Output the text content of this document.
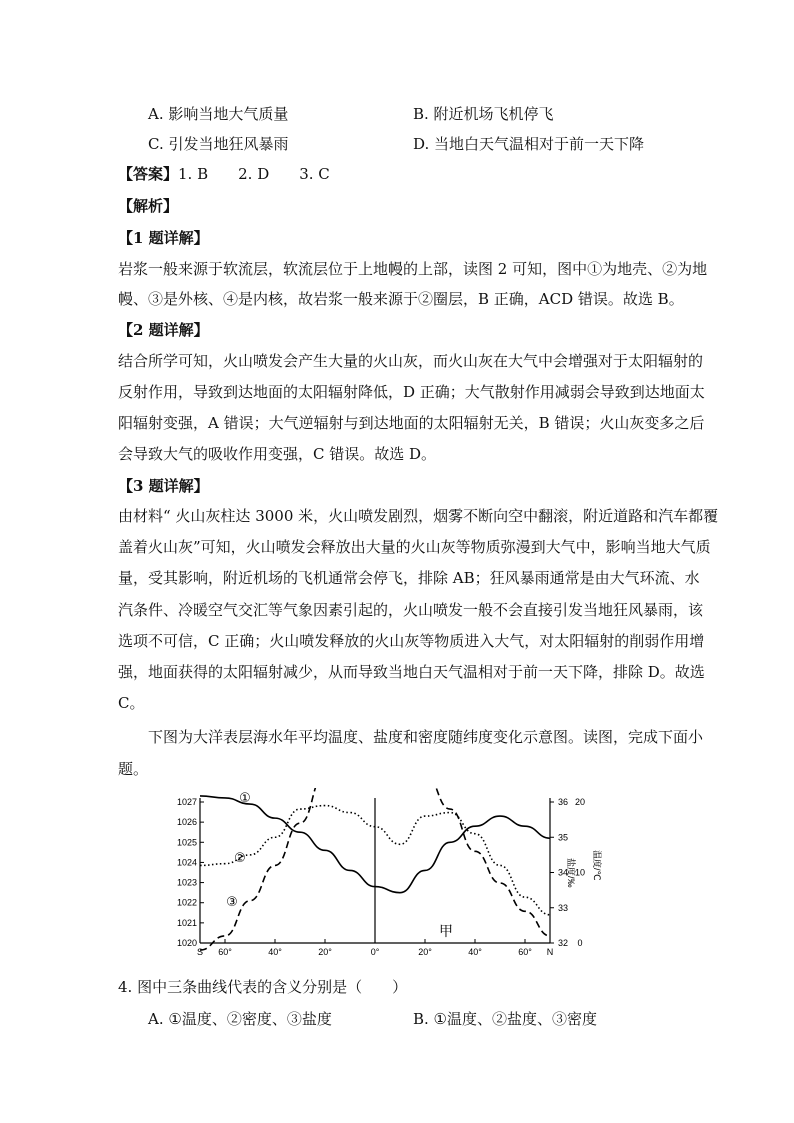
A. 影响当地大气质量	B. 附近机场飞机停飞
C. 引发当地狂风暴雨	D. 当地白天气温相对于前一天下降
【答案】1. B　　2. D　　3. C
【解析】
【1 题详解】
岩浆一般来源于软流层，软流层位于上地幔的上部，读图 2 可知，图中①为地壳、②为地
幔、③是外核、④是内核，故岩浆一般来源于②圈层，B 正确，ACD 错误。故选 B。
【2 题详解】
结合所学可知，火山喷发会产生大量的火山灰，而火山灰在大气中会增强对于太阳辐射的
反射作用，导致到达地面的太阳辐射降低，D 正确；大气散射作用减弱会导致到达地面太
阳辐射变强，A 错误；大气逆辐射与到达地面的太阳辐射无关，B 错误；火山灰变多之后
会导致大气的吸收作用变强，C 错误。故选 D。
【3 题详解】
由材料“ 火山灰柱达 3000 米，火山喷发剧烈，烟雾不断向空中翻滚，附近道路和汽车都覆
盖着火山灰”可知，火山喷发会释放出大量的火山灰等物质弥漫到大气中，影响当地大气质
量，受其影响，附近机场的飞机通常会停飞，排除 AB；狂风暴雨通常是由大气环流、水
汽条件、冷暖空气交汇等气象因素引起的，火山喷发一般不会直接引发当地狂风暴雨，该
选项不可信，C 正确；火山喷发释放的火山灰等物质进入大气，对太阳辐射的削弱作用增
强，地面获得的太阳辐射减少，从而导致当地白天气温相对于前一天下降，排除 D。故选
C。
下图为大洋表层海水年平均温度、盐度和密度随纬度变化示意图。读图，完成下面小
题。
1027
1026
1025
1024
1023
1022
1021
1020
36
35
34
33
32
20
10
0
盐度/‰ 温度/℃
S 60°	40°	20°	0°	20°	40°	60° N
①
②
③
甲
4. 图中三条曲线代表的含义分别是（　　）
A. ①温度、②密度、③盐度	B. ①温度、②盐度、③密度
